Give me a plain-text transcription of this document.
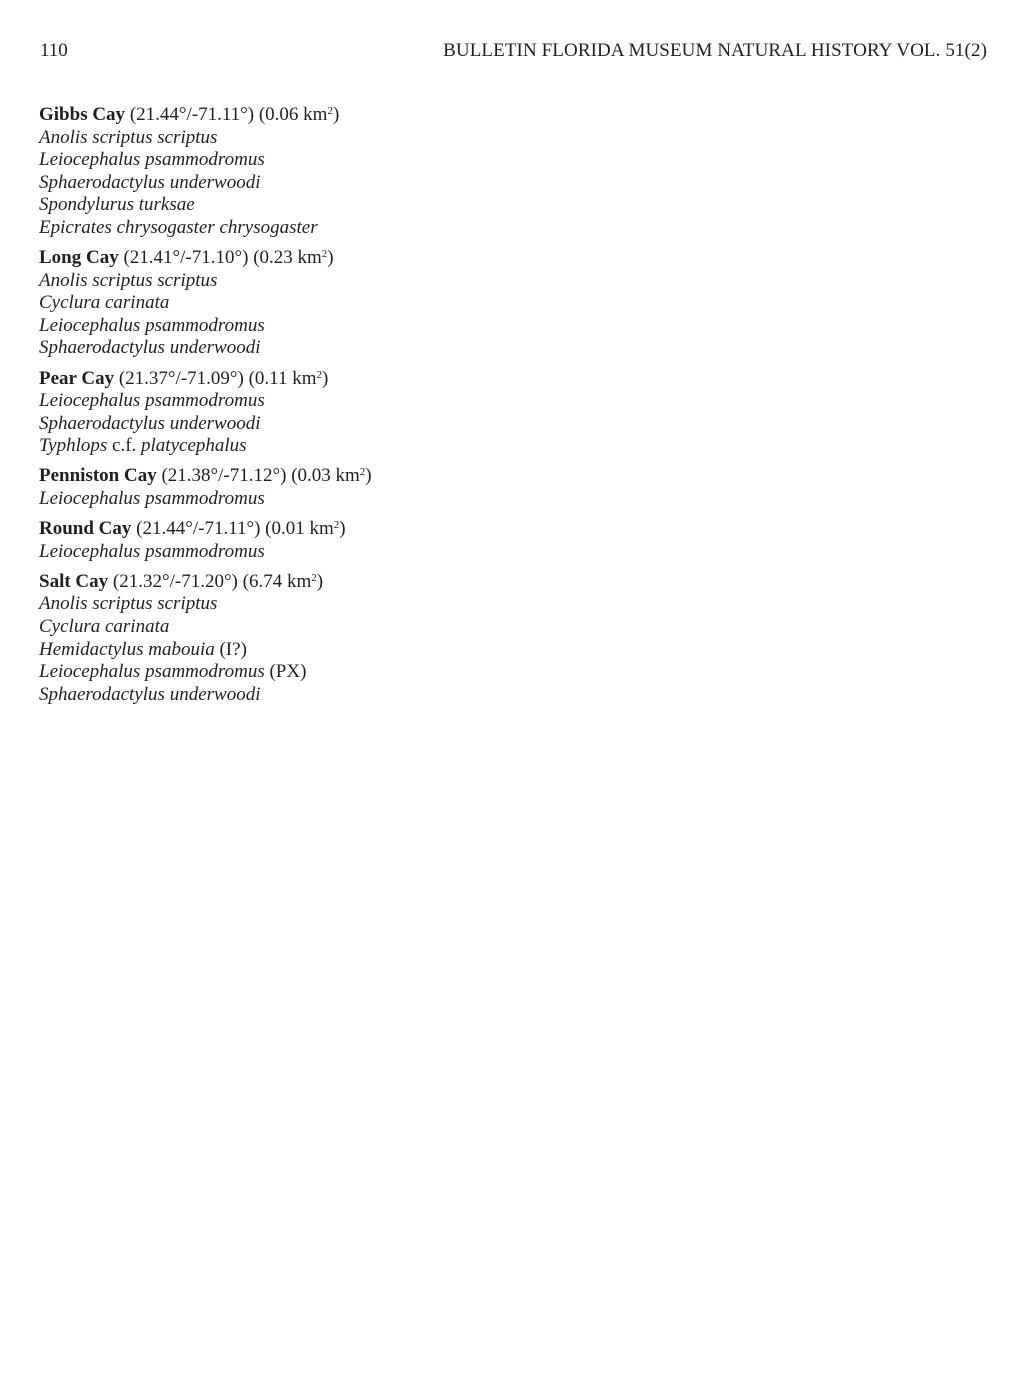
110	BULLETIN FLORIDA MUSEUM NATURAL HISTORY VOL. 51(2)
Gibbs Cay (21.44°/-71.11°) (0.06 $km^2$)
Anolis scriptus scriptus
Leiocephalus psammodromus
Sphaerodactylus underwoodi
Spondylurus turksae
Epicrates chrysogaster chrysogaster
Long Cay (21.41°/-71.10°) (0.23 $km^2$)
Anolis scriptus scriptus
Cyclura carinata
Leiocephalus psammodromus
Sphaerodactylus underwoodi
Pear Cay (21.37°/-71.09°) (0.11 $km^2$)
Leiocephalus psammodromus
Sphaerodactylus underwoodi
Typhlops c.f. platycephalus
Penniston Cay (21.38°/-71.12°) (0.03 $km^2$)
Leiocephalus psammodromus
Round Cay (21.44°/-71.11°) (0.01 $km^2$)
Leiocephalus psammodromus
Salt Cay (21.32°/-71.20°) (6.74 $km^2$)
Anolis scriptus scriptus
Cyclura carinata
Hemidactylus mabouia (I?)
Leiocephalus psammodromus (PX)
Sphaerodactylus underwoodi
